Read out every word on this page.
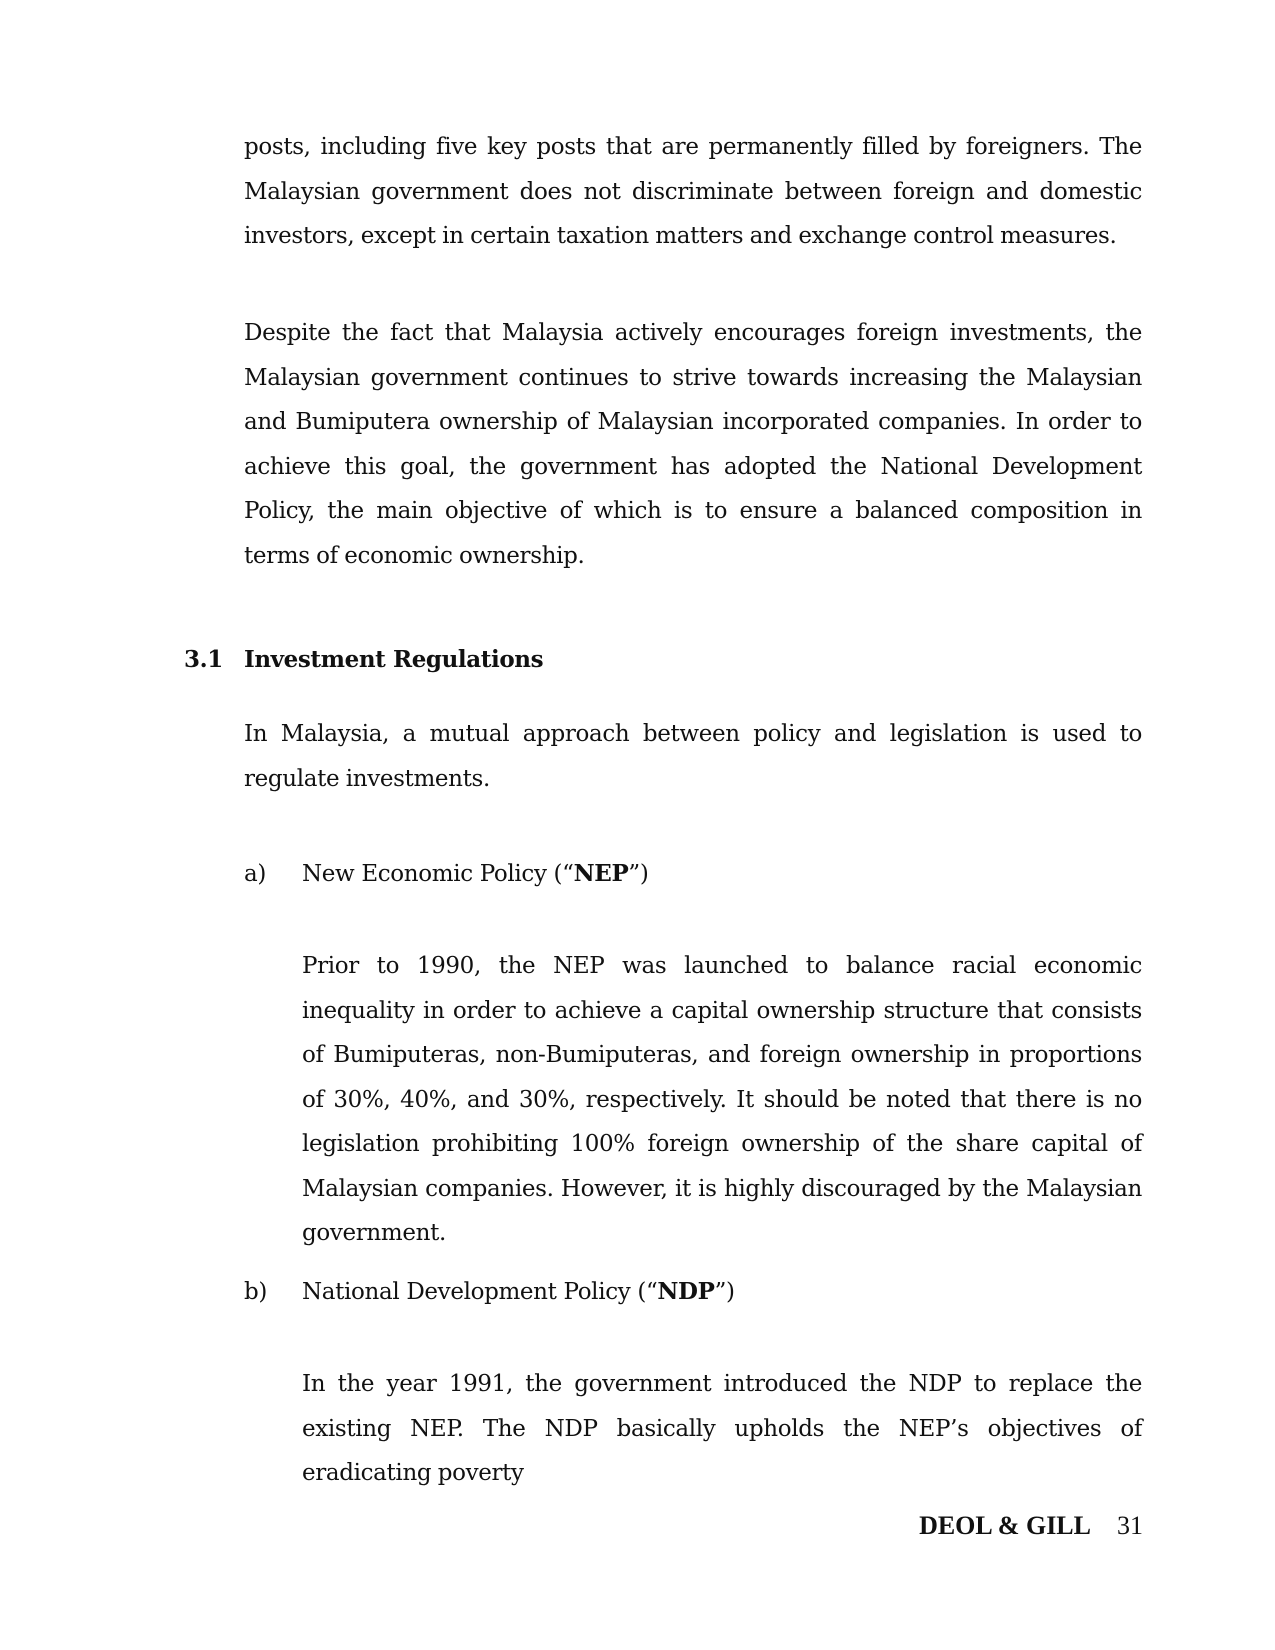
posts, including five key posts that are permanently filled by foreigners. The Malaysian government does not discriminate between foreign and domestic investors, except in certain taxation matters and exchange control measures.

Despite the fact that Malaysia actively encourages foreign investments, the Malaysian government continues to strive towards increasing the Malaysian and Bumiputera ownership of Malaysian incorporated companies. In order to achieve this goal, the government has adopted the National Development Policy, the main objective of which is to ensure a balanced composition in terms of economic ownership.

3.1 Investment Regulations

In Malaysia, a mutual approach between policy and legislation is used to regulate investments.

a) New Economic Policy (“NEP”)

Prior to 1990, the NEP was launched to balance racial economic inequality in order to achieve a capital ownership structure that consists of Bumiputeras, non-Bumiputeras, and foreign ownership in proportions of 30%, 40%, and 30%, respectively. It should be noted that there is no legislation prohibiting 100% foreign ownership of the share capital of Malaysian companies. However, it is highly discouraged by the Malaysian government.

b) National Development Policy (“NDP”)

In the year 1991, the government introduced the NDP to replace the existing NEP. The NDP basically upholds the NEP’s objectives of eradicating poverty

DEOL & GILL 31
